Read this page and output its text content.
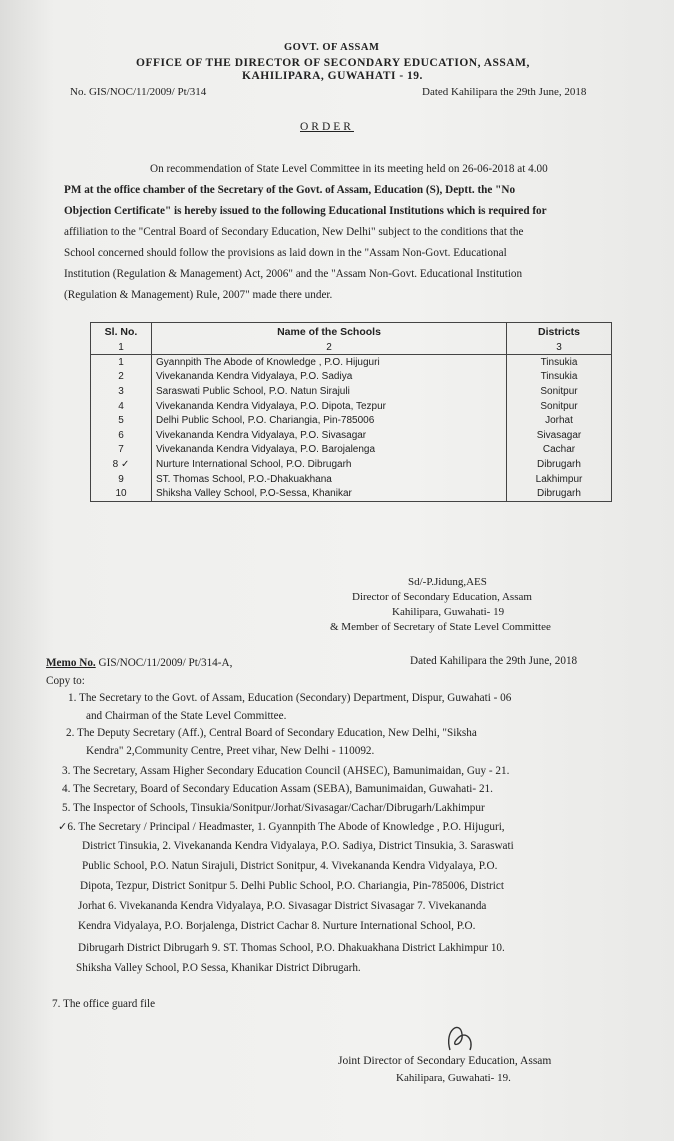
GOVT. OF ASSAM
OFFICE OF THE DIRECTOR OF SECONDARY EDUCATION, ASSAM,
KAHILIPARA, GUWAHATI - 19.
No. GIS/NOC/11/2009/ Pt/314	Dated Kahilipara the 29th June, 2018
ORDER
On recommendation of State Level Committee in its meeting held on 26-06-2018 at 4.00
PM at the office chamber of the Secretary of the Govt. of Assam, Education (S), Deptt. the "No
Objection Certificate" is hereby issued to the following Educational Institutions which is required for
affiliation to the "Central Board of Secondary Education, New Delhi" subject to the conditions that the
School concerned should follow the provisions as laid down in the "Assam Non-Govt. Educational
Institution (Regulation & Management) Act, 2006" and the "Assam Non-Govt. Educational Institution
(Regulation & Management) Rule, 2007" made there under.
Sl. No.	Name of the Schools	Districts
1	2	3
1	Gyannpith The Abode of Knowledge , P.O. Hijuguri	Tinsukia
2	Vivekananda Kendra Vidyalaya, P.O. Sadiya	Tinsukia
3	Saraswati Public School, P.O. Natun Sirajuli	Sonitpur
4	Vivekananda Kendra Vidyalaya, P.O. Dipota, Tezpur	Sonitpur
5	Delhi Public School, P.O. Chariangia, Pin-785006	Jorhat
6	Vivekananda Kendra Vidyalaya, P.O. Sivasagar	Sivasagar
7	Vivekananda Kendra Vidyalaya, P.O. Barojalenga	Cachar
8 ✓	Nurture International School, P.O. Dibrugarh	Dibrugarh
9	ST. Thomas School, P.O.-Dhakuakhana	Lakhimpur
10	Shiksha Valley School, P.O-Sessa, Khanikar	Dibrugarh
Sd/-P.Jidung,AES
Director of Secondary Education, Assam
Kahilipara, Guwahati- 19
& Member of Secretary of State Level Committee
Memo No. GIS/NOC/11/2009/ Pt/314-A,	Dated Kahilipara the 29th June, 2018
Copy to:
1. The Secretary to the Govt. of Assam, Education (Secondary) Department, Dispur, Guwahati - 06
and Chairman of the State Level Committee.
2. The Deputy Secretary (Aff.), Central Board of Secondary Education, New Delhi, "Siksha
Kendra" 2,Community Centre, Preet vihar, New Delhi - 110092.
3. The Secretary, Assam Higher Secondary Education Council (AHSEC), Bamunimaidan, Guy - 21.
4. The Secretary, Board of Secondary Education Assam (SEBA), Bamunimaidan, Guwahati- 21.
5. The Inspector of Schools, Tinsukia/Sonitpur/Jorhat/Sivasagar/Cachar/Dibrugarh/Lakhimpur
✓6. The Secretary / Principal / Headmaster, 1. Gyannpith The Abode of Knowledge , P.O. Hijuguri,
District Tinsukia, 2. Vivekananda Kendra Vidyalaya, P.O. Sadiya, District Tinsukia, 3. Saraswati
Public School, P.O. Natun Sirajuli, District Sonitpur, 4. Vivekananda Kendra Vidyalaya, P.O.
Dipota, Tezpur, District Sonitpur 5. Delhi Public School, P.O. Chariangia, Pin-785006, District
Jorhat 6. Vivekananda Kendra Vidyalaya, P.O. Sivasagar District Sivasagar 7. Vivekananda
Kendra Vidyalaya, P.O. Borjalenga, District Cachar 8. Nurture International School, P.O.
Dibrugarh District Dibrugarh 9. ST. Thomas School, P.O. Dhakuakhana District Lakhimpur 10.
Shiksha Valley School, P.O Sessa, Khanikar District Dibrugarh.
7. The office guard file
Joint Director of Secondary Education, Assam
Kahilipara, Guwahati- 19.
